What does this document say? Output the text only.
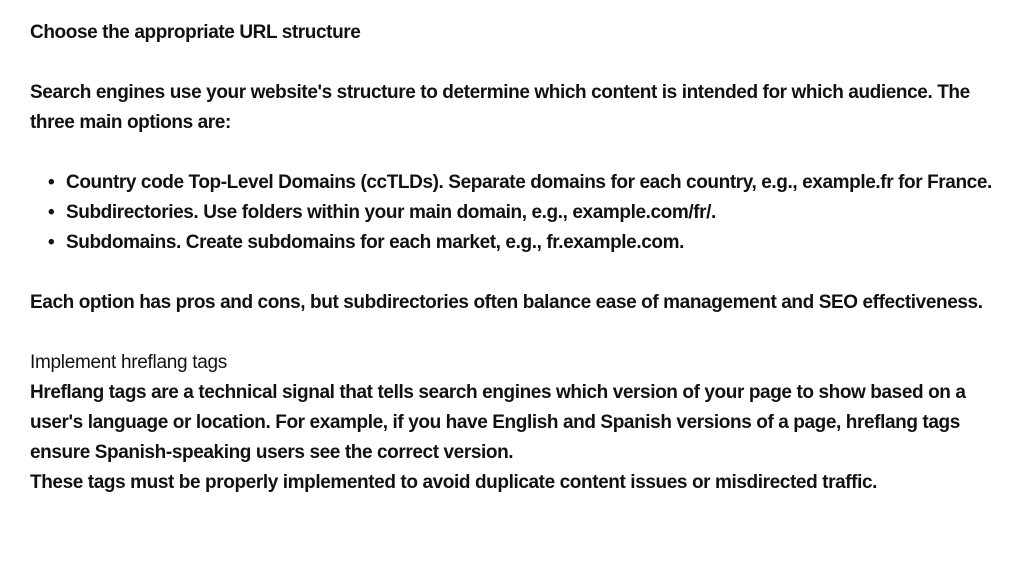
Choose the appropriate URL structure

Search engines use your website's structure to determine which content is intended for which audience. The three main options are:

• Country code Top-Level Domains (ccTLDs). Separate domains for each country, e.g., example.fr for France.
• Subdirectories. Use folders within your main domain, e.g., example.com/fr/.
• Subdomains. Create subdomains for each market, e.g., fr.example.com.

Each option has pros and cons, but subdirectories often balance ease of management and SEO effectiveness.

Implement hreflang tags

Hreflang tags are a technical signal that tells search engines which version of your page to show based on a user's language or location. For example, if you have English and Spanish versions of a page, hreflang tags ensure Spanish-speaking users see the correct version.

These tags must be properly implemented to avoid duplicate content issues or misdirected traffic.
